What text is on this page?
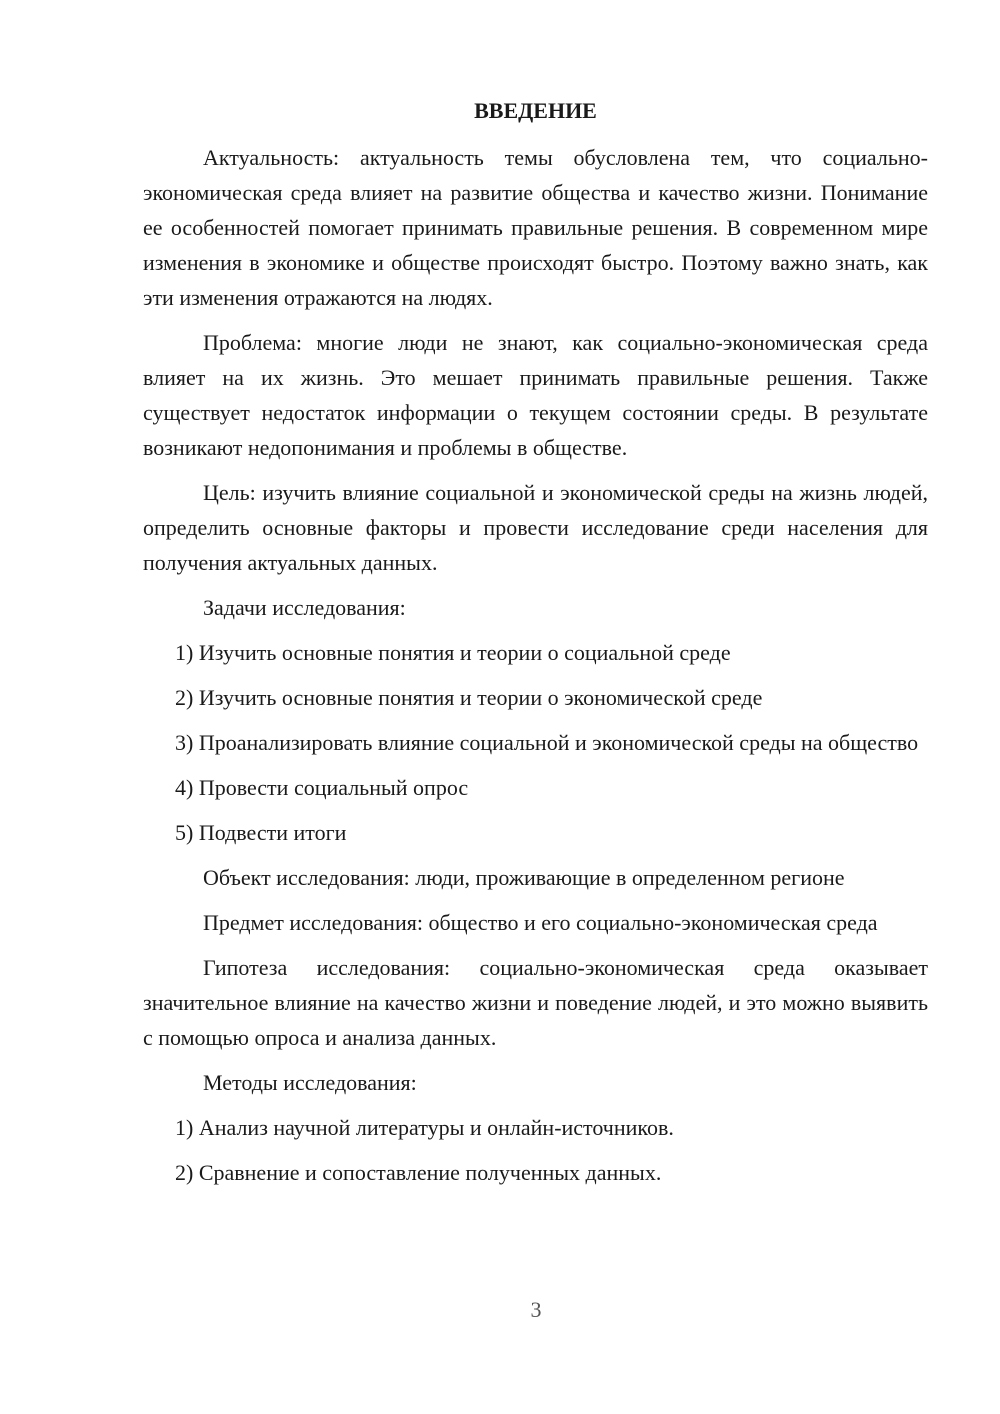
ВВЕДЕНИЕ

Актуальность: актуальность темы обусловлена тем, что социально-экономическая среда влияет на развитие общества и качество жизни. Понимание ее особенностей помогает принимать правильные решения. В современном мире изменения в экономике и обществе происходят быстро. Поэтому важно знать, как эти изменения отражаются на людях.

Проблема: многие люди не знают, как социально-экономическая среда влияет на их жизнь. Это мешает принимать правильные решения. Также существует недостаток информации о текущем состоянии среды. В результате возникают недопонимания и проблемы в обществе.

Цель: изучить влияние социальной и экономической среды на жизнь людей, определить основные факторы и провести исследование среди населения для получения актуальных данных.

Задачи исследования:

1) Изучить основные понятия и теории о социальной среде

2) Изучить основные понятия и теории о экономической среде

3) Проанализировать влияние социальной и экономической среды на общество

4) Провести социальный опрос

5) Подвести итоги

Объект исследования: люди, проживающие в определенном регионе

Предмет исследования: общество и его социально-экономическая среда

Гипотеза исследования: социально-экономическая среда оказывает значительное влияние на качество жизни и поведение людей, и это можно выявить с помощью опроса и анализа данных.

Методы исследования:

1) Анализ научной литературы и онлайн-источников.

2) Сравнение и сопоставление полученных данных.

3
